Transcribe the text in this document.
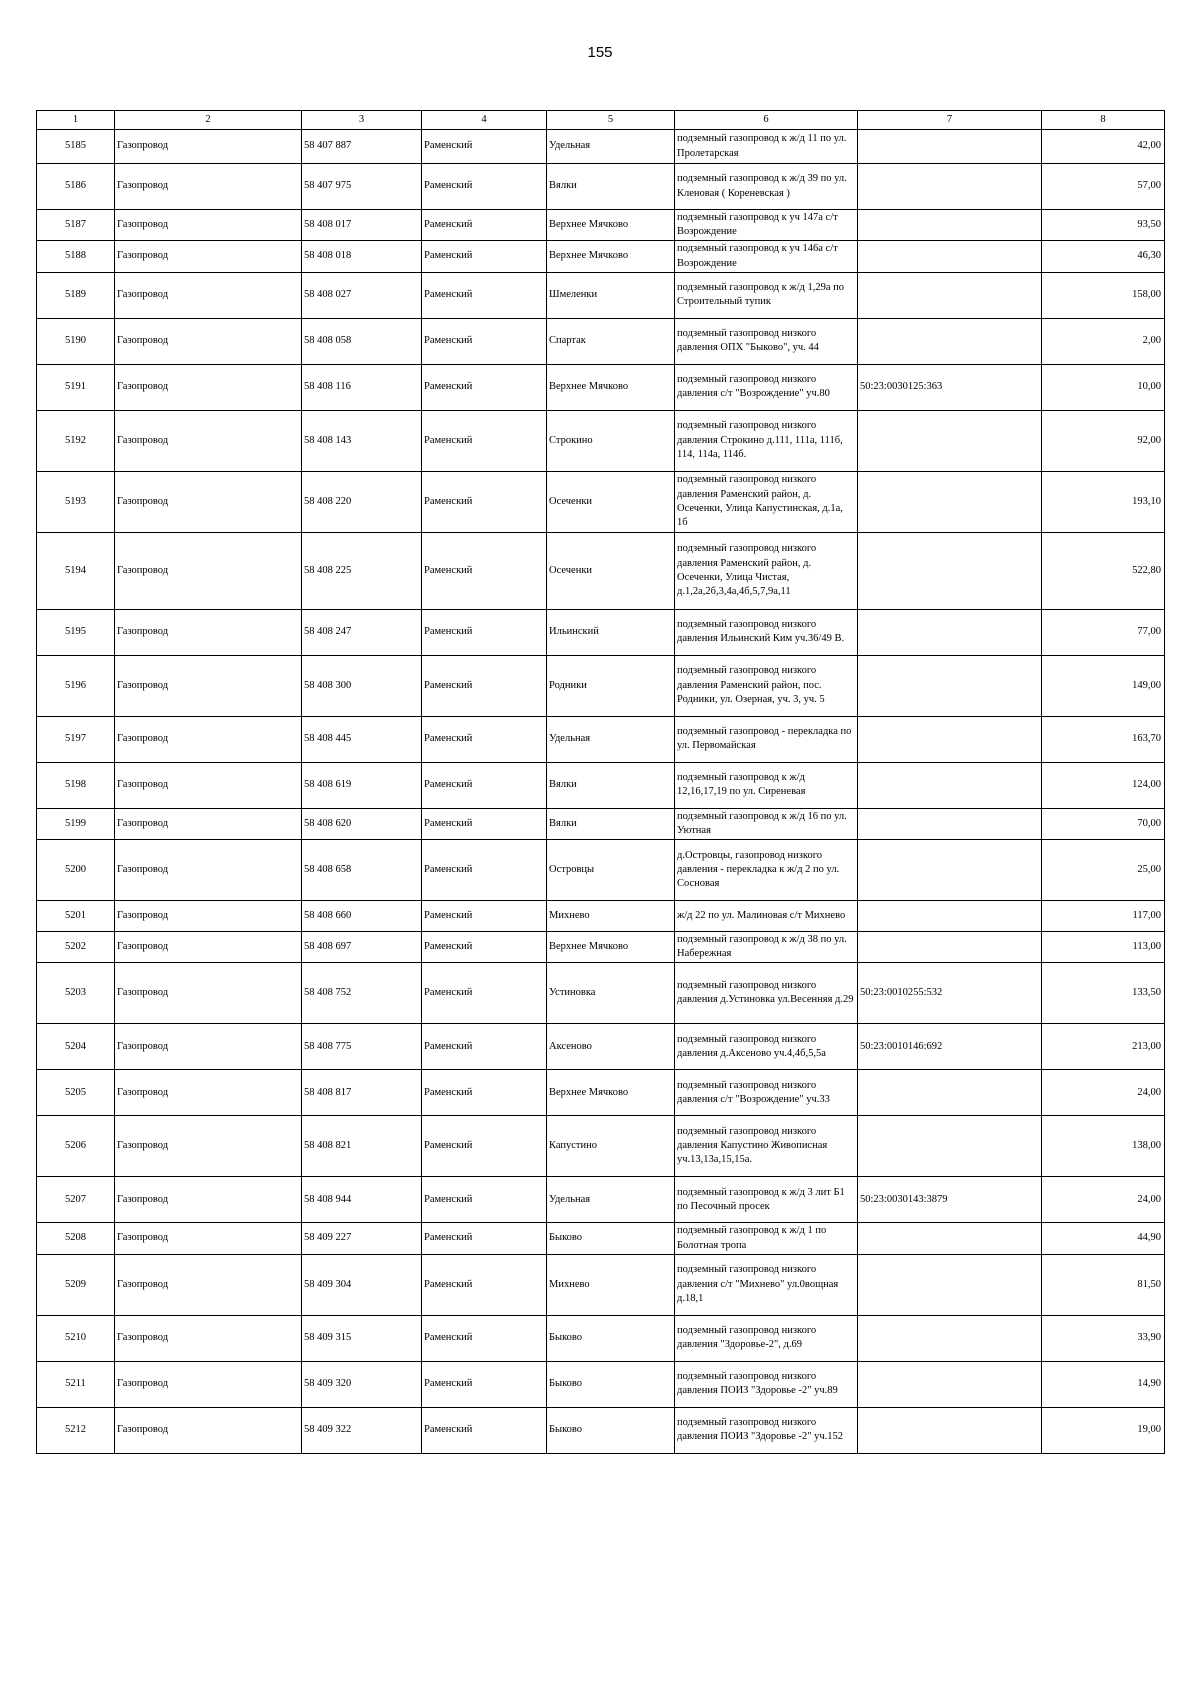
155
1	2	3	4	5	6	7	8
5185	Газопровод	58 407 887	Раменский	Удельная	подземный газопровод к ж/д 11 по ул. Пролетарская		42,00
5186	Газопровод	58 407 975	Раменский	Вялки	подземный газопровод к ж/д 39 по ул. Кленовая ( Кореневская )		57,00
5187	Газопровод	58 408 017	Раменский	Верхнее Мячково	подземный газопровод к уч 147а с/т Возрождение		93,50
5188	Газопровод	58 408 018	Раменский	Верхнее Мячково	подземный газопровод к уч 146а с/т Возрождение		46,30
5189	Газопровод	58 408 027	Раменский	Шмеленки	подземный газопровод к ж/д 1,29а по Строительный тупик		158,00
5190	Газопровод	58 408 058	Раменский	Спартак	подземный газопровод низкого давления ОПХ "Быково", уч. 44		2,00
5191	Газопровод	58 408 116	Раменский	Верхнее Мячково	подземный газопровод низкого давления с/т "Возрождение" уч.80	50:23:0030125:363	10,00
5192	Газопровод	58 408 143	Раменский	Строкино	подземный газопровод низкого давления Строкино д.111, 111а, 111б, 114, 114а, 114б.		92,00
5193	Газопровод	58 408 220	Раменский	Осеченки	подземный газопровод низкого давления Раменский район, д. Осеченки, Улица Капустинская, д.1а, 1б		193,10
5194	Газопровод	58 408 225	Раменский	Осеченки	подземный газопровод низкого давления Раменский район, д. Осеченки, Улица Чистая, д.1,2а,2б,3,4а,4б,5,7,9а,11		522,80
5195	Газопровод	58 408 247	Раменский	Ильинский	подземный газопровод низкого давления Ильинский Ким уч.36/49 В.		77,00
5196	Газопровод	58 408 300	Раменский	Родники	подземный газопровод низкого давления Раменский район, пос. Родники, ул. Озерная, уч. 3, уч. 5		149,00
5197	Газопровод	58 408 445	Раменский	Удельная	подземный газопровод - перекладка по ул. Первомайская		163,70
5198	Газопровод	58 408 619	Раменский	Вялки	подземный газопровод к ж/д 12,16,17,19 по ул. Сиреневая		124,00
5199	Газопровод	58 408 620	Раменский	Вялки	подземный газопровод к ж/д 16 по ул. Уютная		70,00
5200	Газопровод	58 408 658	Раменский	Островцы	д.Островцы, газопровод низкого давления - перекладка к ж/д 2 по ул. Сосновая		25,00
5201	Газопровод	58 408 660	Раменский	Михнево	ж/д 22 по ул. Малиновая с/т Михнево		117,00
5202	Газопровод	58 408 697	Раменский	Верхнее Мячково	подземный газопровод к ж/д 38 по ул. Набережная		113,00
5203	Газопровод	58 408 752	Раменский	Устиновка	подземный газопровод низкого давления д.Устиновка ул.Весенняя д.29	50:23:0010255:532	133,50
5204	Газопровод	58 408 775	Раменский	Аксеново	подземный газопровод низкого давления д.Аксеново уч.4,4б,5,5а	50:23:0010146:692	213,00
5205	Газопровод	58 408 817	Раменский	Верхнее Мячково	подземный газопровод низкого давления с/т "Возрождение" уч.33		24,00
5206	Газопровод	58 408 821	Раменский	Капустино	подземный газопровод низкого давления Капустино Живописная уч.13,13а,15,15а.		138,00
5207	Газопровод	58 408 944	Раменский	Удельная	подземный газопровод к ж/д 3 лит Б1 по Песочный просек	50:23:0030143:3879	24,00
5208	Газопровод	58 409 227	Раменский	Быково	подземный газопровод к ж/д 1 по Болотная тропа		44,90
5209	Газопровод	58 409 304	Раменский	Михнево	подземный газопровод низкого давления с/т "Михнево" ул.0вощная д.18,1		81,50
5210	Газопровод	58 409 315	Раменский	Быково	подземный газопровод низкого давления "Здоровье-2", д.69		33,90
5211	Газопровод	58 409 320	Раменский	Быково	подземный газопровод низкого давления ПОИЗ "Здоровье -2" уч.89		14,90
5212	Газопровод	58 409 322	Раменский	Быково	подземный газопровод низкого давления ПОИЗ "Здоровье -2" уч.152		19,00
